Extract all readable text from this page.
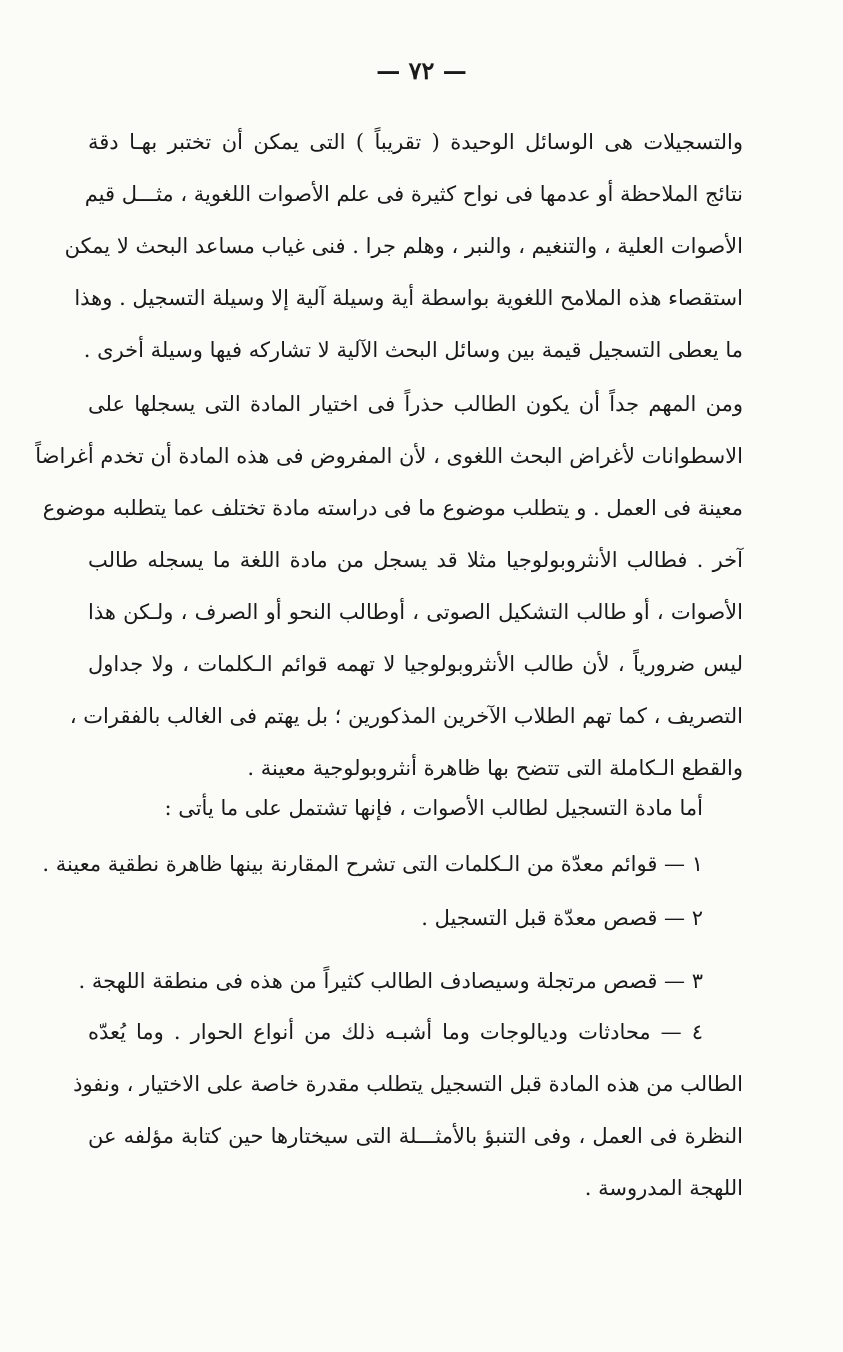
— ٧٢ —
والتسجيلات هى الوسائل الوحيدة ( تقريباً ) التى يمكن أن تختبر بهـا دقة
نتائج الملاحظة أو عدمها فى نواح كثيرة فى علم الأصوات اللغوية ، مثـــل قيم
الأصوات العلية ، والتنغيم ، والنبر ، وهلم جرا . فنى غياب مساعد البحث لا يمكن
استقصاء هذه الملامح اللغوية بواسطة أية وسيلة آلية إلا وسيلة التسجيل . وهذا
ما يعطى التسجيل قيمة بين وسائل البحث الآلية لا تشاركه فيها وسيلة أخرى .
ومن المهم جداً أن يكون الطالب حذراً فى اختيار المادة التى يسجلها على
الاسطوانات لأغراض البحث اللغوى ، لأن المفروض فى هذه المادة أن تخدم أغراضاً
معينة فى العمل . و يتطلب موضوع ما فى دراسته مادة تختلف عما يتطلبه موضوع
آخر . فطالب الأنثروبولوجيا مثلا قد يسجل من مادة اللغة ما يسجله طالب
الأصوات ، أو طالب التشكيل الصوتى ، أوطالب النحو أو الصرف ، ولـكن هذا
ليس ضرورياً ، لأن طالب الأنثروبولوجيا لا تهمه قوائم الـكلمات ، ولا جداول
التصريف ، كما تهم الطلاب الآخرين المذكورين ؛ بل يهتم فى الغالب بالفقرات ،
والقطع الـكاملة التى تتضح بها ظاهرة أنثروبولوجية معينة .
أما مادة التسجيل لطالب الأصوات ، فإنها تشتمل على ما يأتى :
١ — قوائم معدّة من الـكلمات التى تشرح المقارنة بينها ظاهرة نطقية معينة .
٢ — قصص معدّة قبل التسجيل .
٣ — قصص مرتجلة وسيصادف الطالب كثيراً من هذه فى منطقة اللهجة .
٤ — محادثات وديالوجات وما أشبـه ذلك من أنواع الحوار . وما يُعدّه
الطالب من هذه المادة قبل التسجيل يتطلب مقدرة خاصة على الاختيار ، ونفوذ
النظرة فى العمل ، وفى التنبؤ بالأمثـــلة التى سيختارها حين كتابة مؤلفه عن
اللهجة المدروسة .
